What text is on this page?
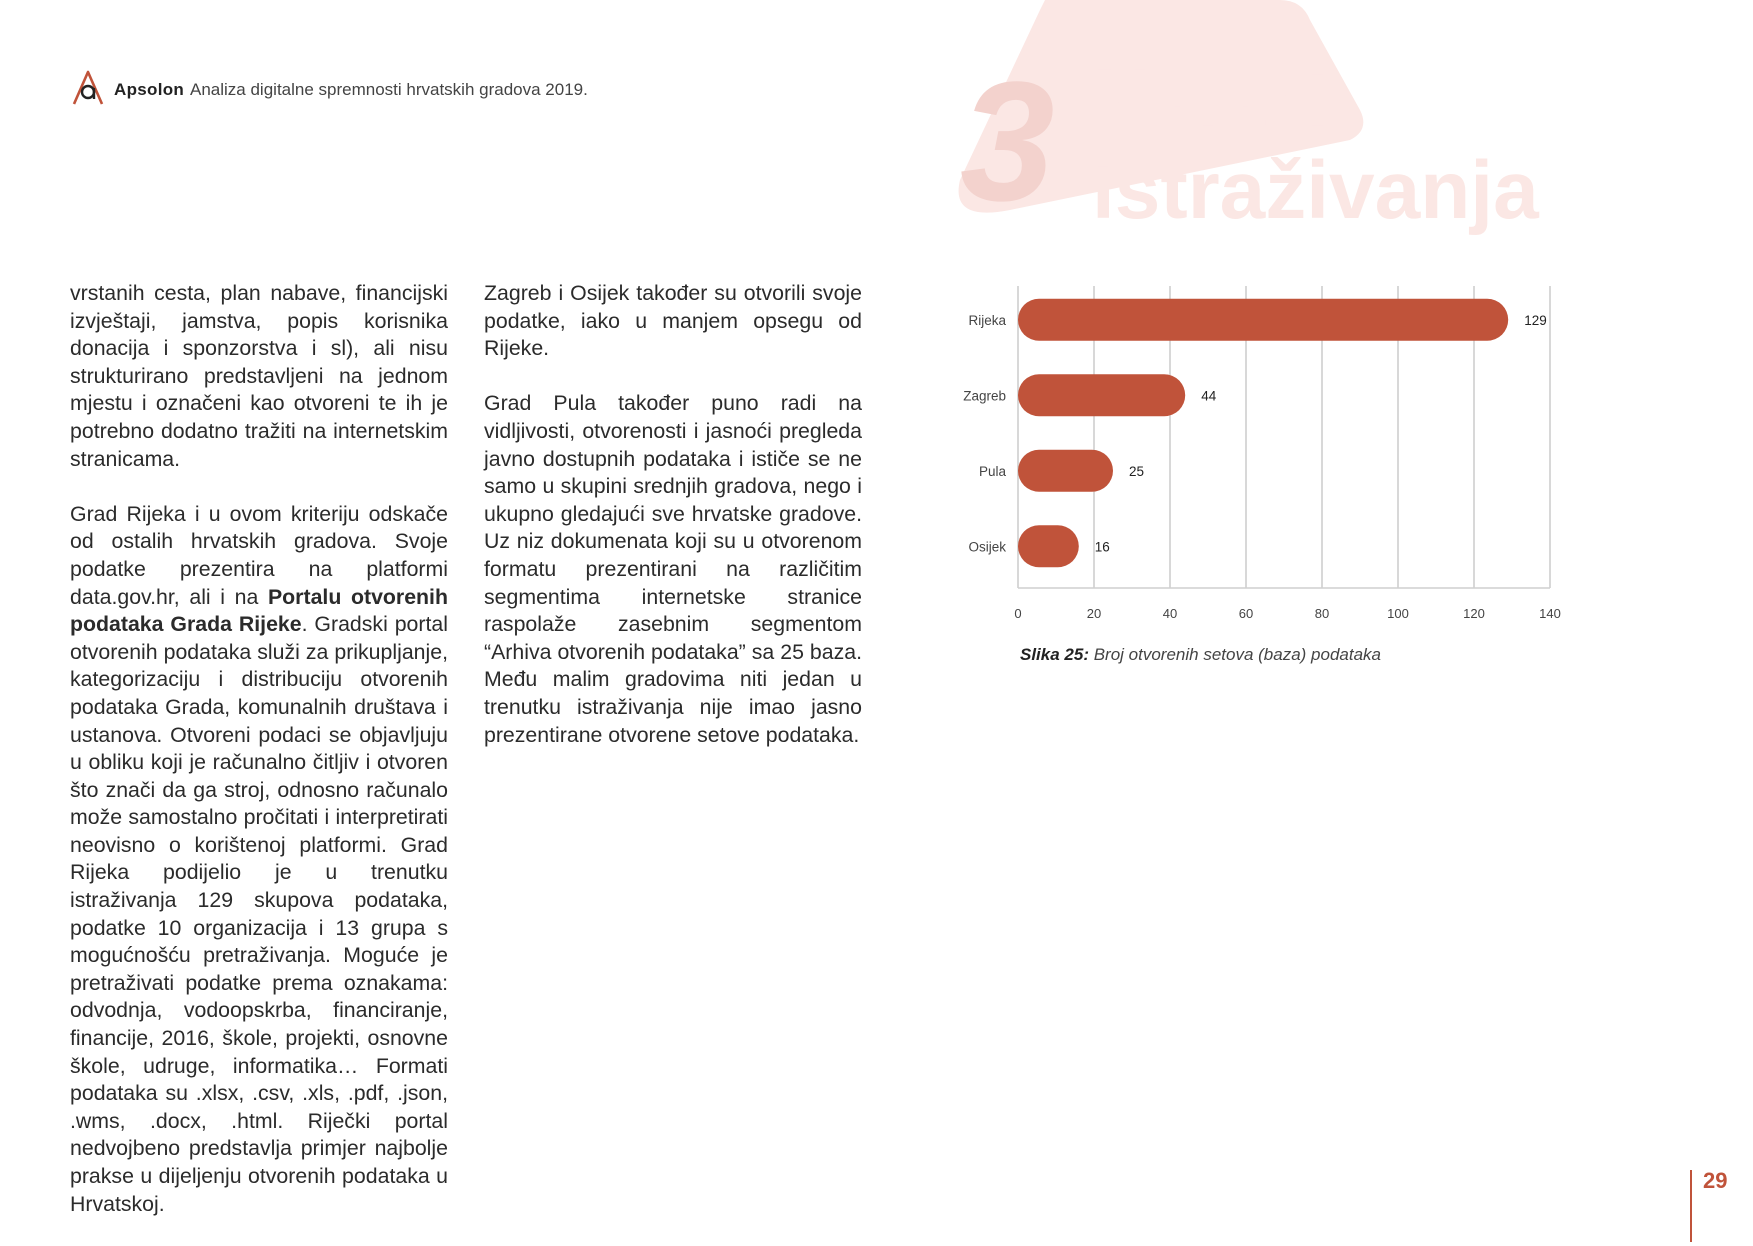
Apsolon Analiza digitalne spremnosti hrvatskih gradova 2019. 3 Nalazi
istraživanja

vrstanih cesta, plan nabave, financijski izvještaji, jamstva, popis korisnika donacija i sponzorstva i sl), ali nisu strukturirano predstavljeni na jednom mjestu i označeni kao otvoreni te ih je potrebno dodatno tražiti na internetskim stranicama.

Grad Rijeka i u ovom kriteriju odskače od ostalih hrvatskih gradova. Svoje podatke prezentira na platformi data.gov.hr, ali i na Portalu otvorenih podataka Grada Rijeke. Gradski portal otvorenih podataka služi za prikupljanje, kategorizaciju i distribuciju otvorenih podataka Grada, komunalnih društava i ustanova. Otvoreni podaci se objavljuju u obliku koji je računalno čitljiv i otvoren što znači da ga stroj, odnosno računalo može samostalno pročitati i interpretirati neovisno o korištenoj platformi. Grad Rijeka podijelio je u trenutku istraživanja 129 skupova podataka, podatke 10 organizacija i 13 grupa s mogućnošću pretraživanja. Moguće je pretraživati podatke prema oznakama: odvodnja, vodoopskrba, financiranje, financije, 2016, škole, projekti, osnovne škole, udruge, informatika… Formati podataka su .xlsx, .csv, .xls, .pdf, .json, .wms, .docx, .html. Riječki portal nedvojbeno predstavlja primjer najbolje prakse u dijeljenju otvorenih podataka u Hrvatskoj.

Zagreb i Osijek također su otvorili svoje podatke, iako u manjem opsegu od Rijeke.

Grad Pula također puno radi na vidljivosti, otvorenosti i jasnoći pregleda javno dostupnih podataka i ističe se ne samo u skupini srednjih gradova, nego i ukupno gledajući sve hrvatske gradove. Uz niz dokumenata koji su u otvorenom formatu prezentirani na različitim segmentima internetske stranice raspolaže zasebnim segmentom “Arhiva otvorenih podataka” sa 25 baza. Među malim gradovima niti jedan u trenutku istraživanja nije imao jasno prezentirane otvorene setove podataka.

0	20	40	60	80	100	120	140
Rijeka	129
Zagreb	44
Pula	25
Osijek	16
Slika 25: Broj otvorenih setova (baza) podataka
29
